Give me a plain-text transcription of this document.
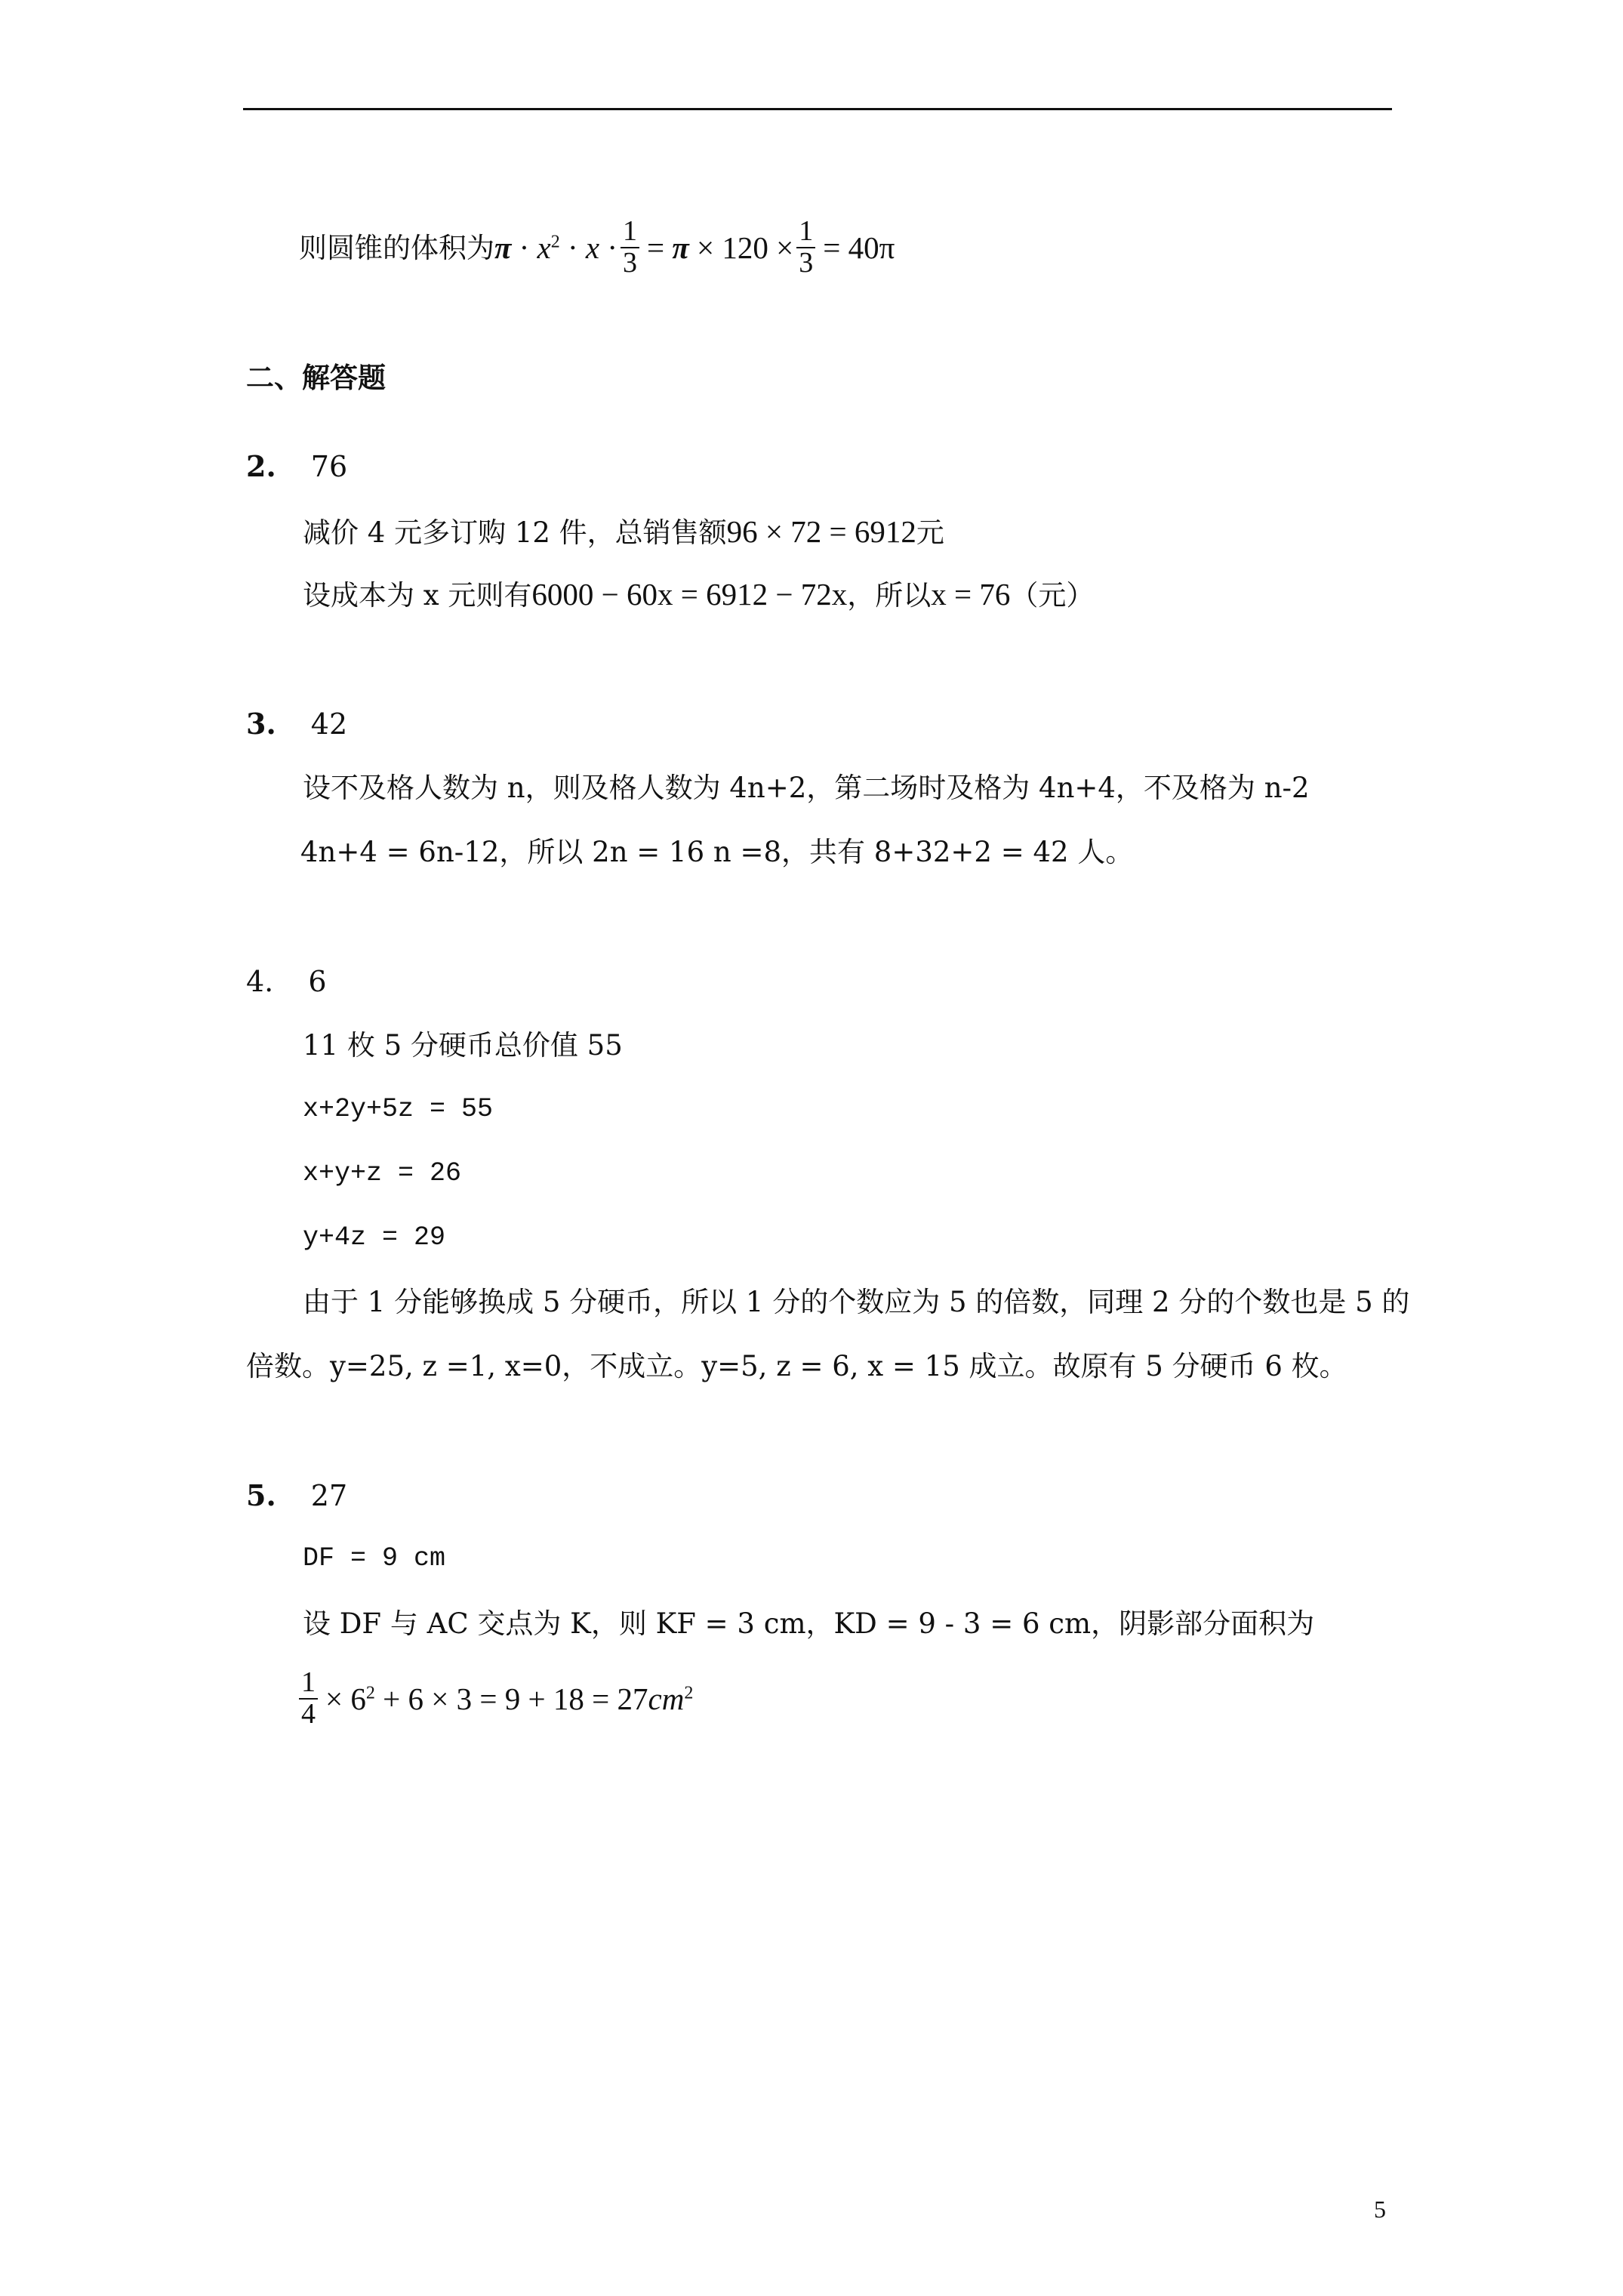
则圆锥的体积为 $\pi \cdot x^2 \cdot x \cdot \frac{1}{3} = \pi \times 120 \times \frac{1}{3} = 40\pi$
二、解答题
2. 76
减价 4 元多订购 12 件，总销售额96 × 72 = 6912元
设成本为 x 元则有6000 − 60x = 6912 − 72x，所以x = 76（元）
3. 42
设不及格人数为 n，则及格人数为 4n+2，第二场时及格为 4n+4，不及格为 n-2
4n+4 = 6n-12，所以 2n = 16 n =8，共有 8+32+2 = 42 人。
4. 6
11 枚 5 分硬币总价值 55
x+2y+5z = 55
x+y+z = 26
y+4z = 29
由于 1 分能够换成 5 分硬币，所以 1 分的个数应为 5 的倍数，同理 2 分的个数也是 5 的
倍数。y=25, z =1, x=0，不成立。y=5, z = 6, x = 15 成立。故原有 5 分硬币 6 枚。
5. 27
DF = 9 cm
设 DF 与 AC 交点为 K，则 KF = 3 cm，KD = 9 - 3 = 6 cm，阴影部分面积为
$\frac{1}{4} \times 6^2 + 6 \times 3 = 9 + 18 = 27cm^2$
5
